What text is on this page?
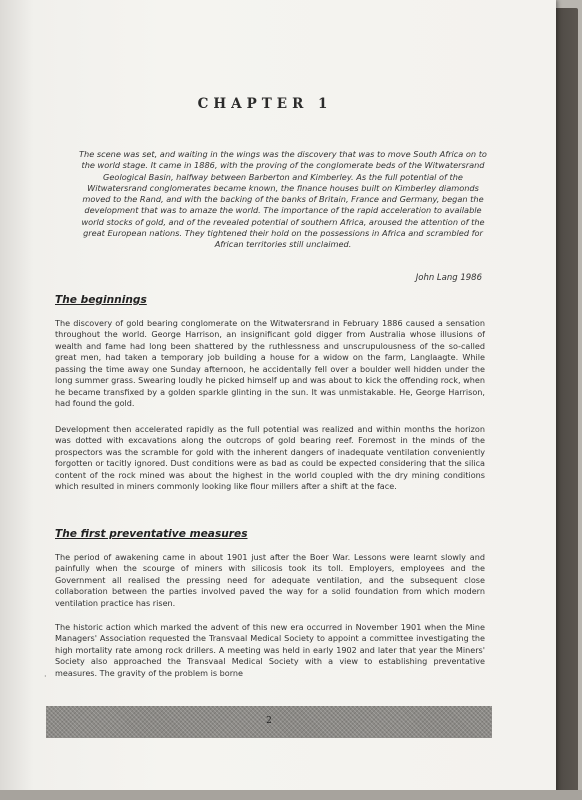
CHAPTER 1

The scene was set, and waiting in the wings was the discovery that was to move South Africa on to the world stage. It came in 1886, with the proving of the conglomerate beds of the Witwatersrand Geological Basin, halfway between Barberton and Kimberley. As the full potential of the Witwatersrand conglomerates became known, the finance houses built on Kimberley diamonds moved to the Rand, and with the backing of the banks of Britain, France and Germany, began the development that was to amaze the world. The importance of the rapid acceleration to available world stocks of gold, and of the revealed potential of southern Africa, aroused the attention of the great European nations. They tightened their hold on the possessions in Africa and scrambled for African territories still unclaimed.

John Lang 1986
The beginnings

The discovery of gold bearing conglomerate on the Witwatersrand in February 1886 caused a sensation throughout the world. George Harrison, an insignificant gold digger from Australia whose illusions of wealth and fame had long been shattered by the ruthlessness and unscrupulousness of the so-called great men, had taken a temporary job building a house for a widow on the farm, Langlaagte. While passing the time away one Sunday afternoon, he accidentally fell over a boulder well hidden under the long summer grass. Swearing loudly he picked himself up and was about to kick the offending rock, when he became transfixed by a golden sparkle glinting in the sun. It was unmistakable. He, George Harrison, had found the gold.

Development then accelerated rapidly as the full potential was realized and within months the horizon was dotted with excavations along the outcrops of gold bearing reef. Foremost in the minds of the prospectors was the scramble for gold with the inherent dangers of inadequate ventilation conveniently forgotten or tacitly ignored. Dust conditions were as bad as could be expected considering that the silica content of the rock mined was about the highest in the world coupled with the dry mining conditions which resulted in miners commonly looking like flour millers after a shift at the face.

The first preventative measures

The period of awakening came in about 1901 just after the Boer War. Lessons were learnt slowly and painfully when the scourge of miners with silicosis took its toll. Employers, employees and the Government all realised the pressing need for adequate ventilation, and the subsequent close collaboration between the parties involved paved the way for a solid foundation from which modern ventilation practice has risen.

The historic action which marked the advent of this new era occurred in November 1901 when the Mine Managers' Association requested the Transvaal Medical Society to appoint a committee investigating the high mortality rate among rock drillers. A meeting was held in early 1902 and later that year the Miners' Society also approached the Transvaal Medical Society with a view to establishing preventative measures. The gravity of the problem is borne

·
2
